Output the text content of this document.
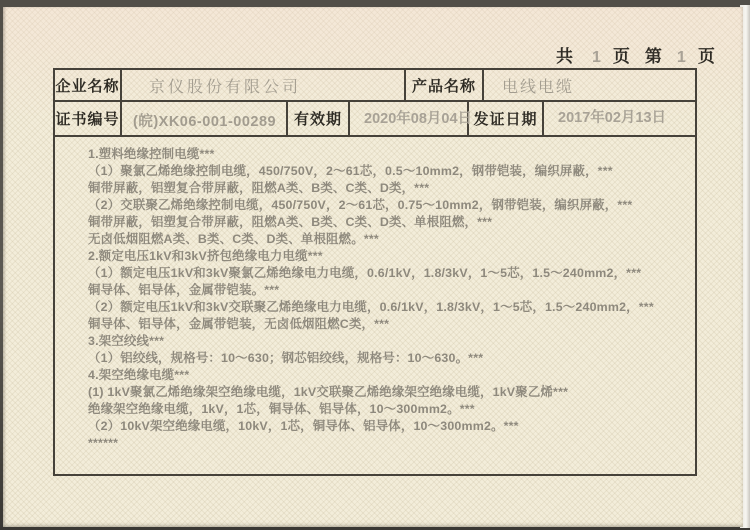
共 1 页 第 1 页
企业名称	京仪股份有限公司	产品名称	电线电缆
证书编号 (皖)XK06-001-00289	有效期	2020年08月04日 发证日期	2017年02月13日
1.塑料绝缘控制电缆***
（1）聚氯乙烯绝缘控制电缆，450/750V，2～61芯，0.5～10mm2，钢带铠装，编织屏蔽，***
铜带屏蔽，铝塑复合带屏蔽，阻燃A类、B类、C类、D类，***
（2）交联聚乙烯绝缘控制电缆，450/750V，2～61芯，0.75～10mm2，钢带铠装，编织屏蔽，***
铜带屏蔽，铝塑复合带屏蔽，阻燃A类、B类、C类、D类、单根阻燃，***
无卤低烟阻燃A类、B类、C类、D类、单根阻燃。***
2.额定电压1kV和3kV挤包绝缘电力电缆***
（1）额定电压1kV和3kV聚氯乙烯绝缘电力电缆，0.6/1kV，1.8/3kV，1～5芯，1.5～240mm2，***
铜导体、铝导体，金属带铠装。***
（2）额定电压1kV和3kV交联聚乙烯绝缘电力电缆，0.6/1kV，1.8/3kV，1～5芯，1.5～240mm2，***
铜导体、铝导体，金属带铠装，无卤低烟阻燃C类，***
3.架空绞线***
（1）铝绞线，规格号：10～630；钢芯铝绞线，规格号：10～630。***
4.架空绝缘电缆***
(1) 1kV聚氯乙烯绝缘架空绝缘电缆，1kV交联聚乙烯绝缘架空绝缘电缆，1kV聚乙烯***
绝缘架空绝缘电缆，1kV，1芯，铜导体、铝导体，10～300mm2。***
（2）10kV架空绝缘电缆，10kV，1芯，铜导体、铝导体，10～300mm2。***
******
